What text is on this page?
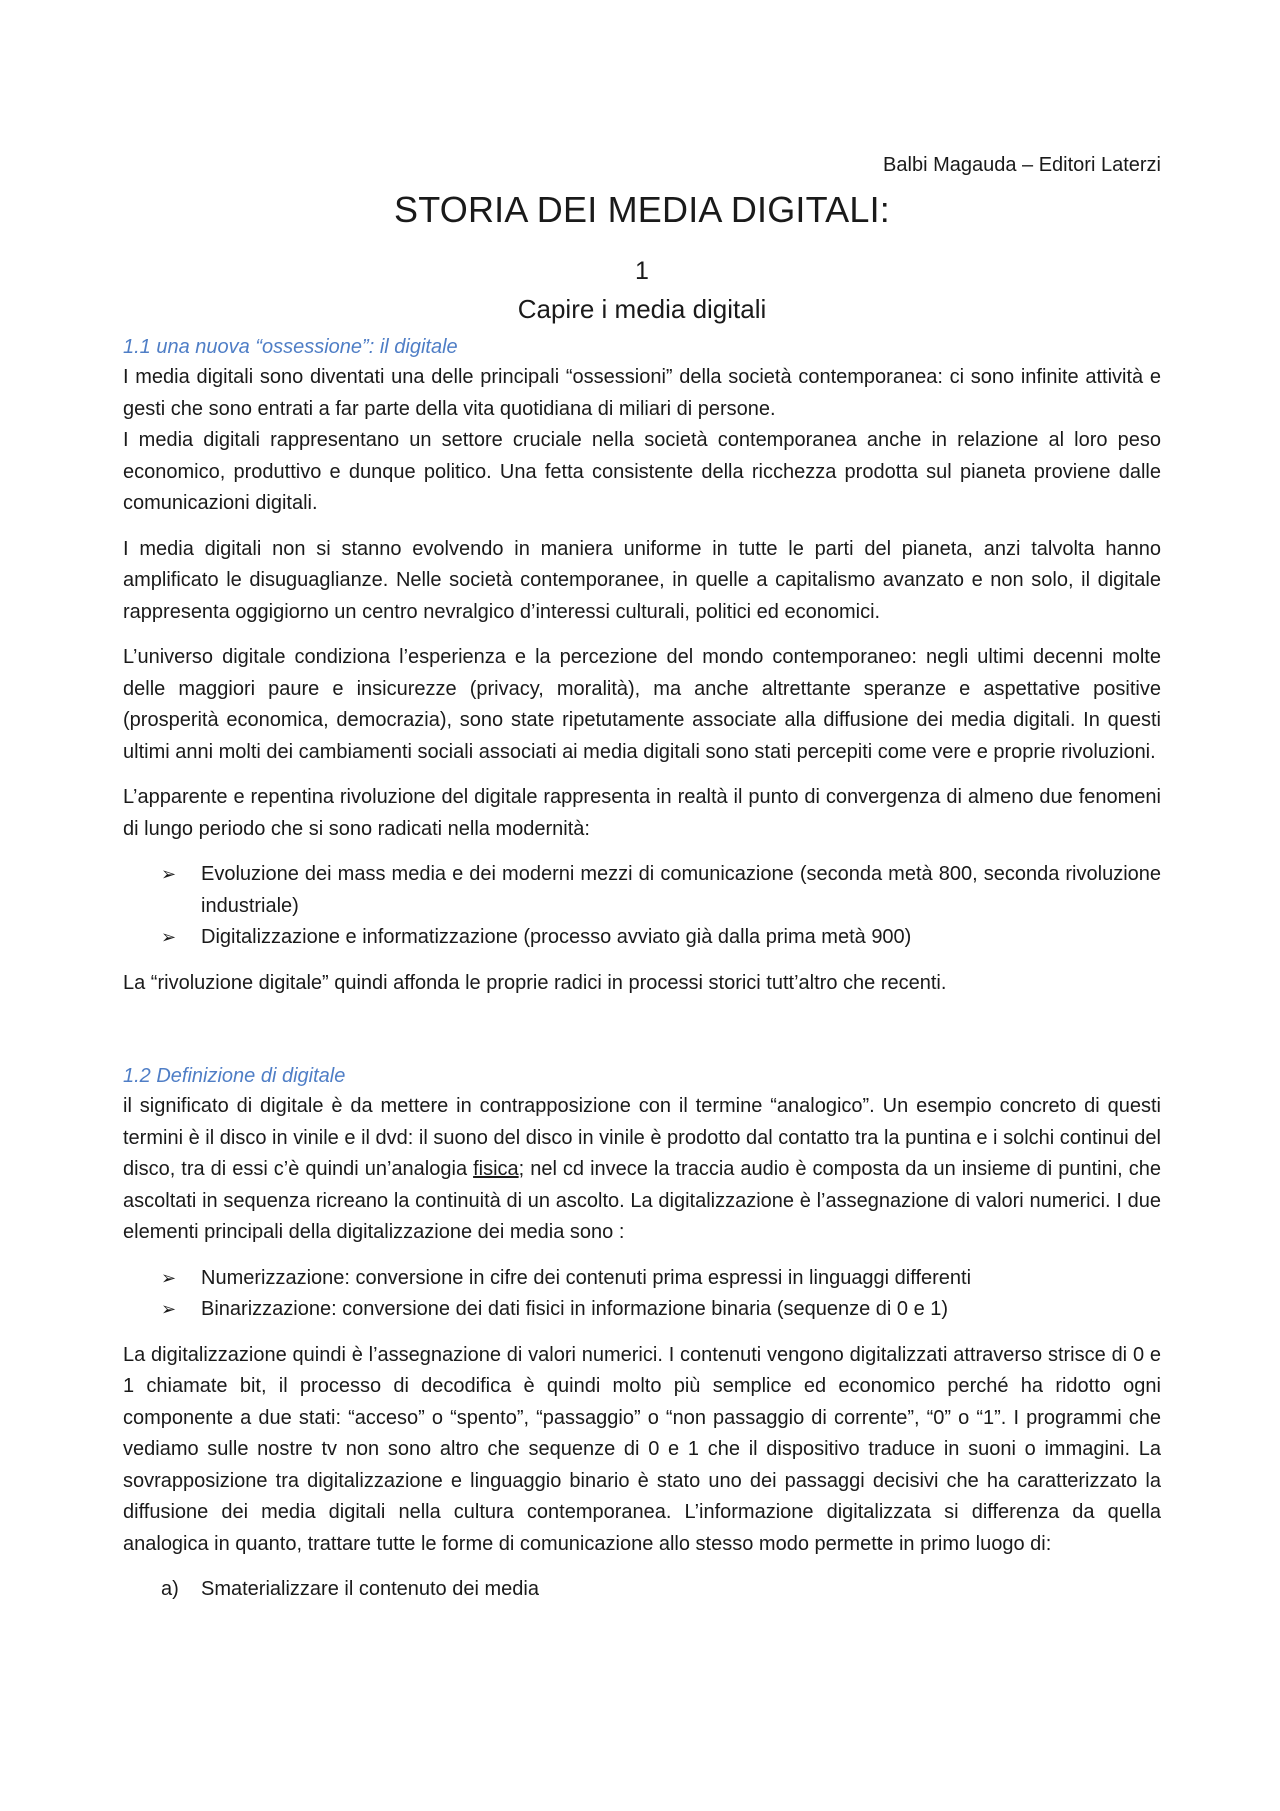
Balbi Magauda – Editori Laterzi
STORIA DEI MEDIA DIGITALI:
1
Capire i media digitali
1.1 una nuova “ossessione”: il digitale

I media digitali sono diventati una delle principali “ossessioni” della società contemporanea: ci sono infinite attività e gesti che sono entrati a far parte della vita quotidiana di miliari di persone.

I media digitali rappresentano un settore cruciale nella società contemporanea anche in relazione al loro peso economico, produttivo e dunque politico. Una fetta consistente della ricchezza prodotta sul pianeta proviene dalle comunicazioni digitali.

I media digitali non si stanno evolvendo in maniera uniforme in tutte le parti del pianeta, anzi talvolta hanno amplificato le disuguaglianze. Nelle società contemporanee, in quelle a capitalismo avanzato e non solo, il digitale rappresenta oggigiorno un centro nevralgico d’interessi culturali, politici ed economici.

L’universo digitale condiziona l’esperienza e la percezione del mondo contemporaneo: negli ultimi decenni molte delle maggiori paure e insicurezze (privacy, moralità), ma anche altrettante speranze e aspettative positive (prosperità economica, democrazia), sono state ripetutamente associate alla diffusione dei media digitali. In questi ultimi anni molti dei cambiamenti sociali associati ai media digitali sono stati percepiti come vere e proprie rivoluzioni.

L’apparente e repentina rivoluzione del digitale rappresenta in realtà il punto di convergenza di almeno due fenomeni di lungo periodo che si sono radicati nella modernità:

➢ Evoluzione dei mass media e dei moderni mezzi di comunicazione (seconda metà 800, seconda rivoluzione industriale)
➢ Digitalizzazione e informatizzazione (processo avviato già dalla prima metà 900)

La “rivoluzione digitale” quindi affonda le proprie radici in processi storici tutt’altro che recenti.

1.2 Definizione di digitale

il significato di digitale è da mettere in contrapposizione con il termine “analogico”. Un esempio concreto di questi termini è il disco in vinile e il dvd: il suono del disco in vinile è prodotto dal contatto tra la puntina e i solchi continui del disco, tra di essi c’è quindi un’analogia fisica; nel cd invece la traccia audio è composta da un insieme di puntini, che ascoltati in sequenza ricreano la continuità di un ascolto. La digitalizzazione è l’assegnazione di valori numerici. I due elementi principali della digitalizzazione dei media sono :

➢ Numerizzazione: conversione in cifre dei contenuti prima espressi in linguaggi differenti
➢ Binarizzazione: conversione dei dati fisici in informazione binaria (sequenze di 0 e 1)

La digitalizzazione quindi è l’assegnazione di valori numerici. I contenuti vengono digitalizzati attraverso strisce di 0 e 1 chiamate bit, il processo di decodifica è quindi molto più semplice ed economico perché ha ridotto ogni componente a due stati: “acceso” o “spento”, “passaggio” o “non passaggio di corrente”, “0” o “1”. I programmi che vediamo sulle nostre tv non sono altro che sequenze di 0 e 1 che il dispositivo traduce in suoni o immagini. La sovrapposizione tra digitalizzazione e linguaggio binario è stato uno dei passaggi decisivi che ha caratterizzato la diffusione dei media digitali nella cultura contemporanea. L’informazione digitalizzata si differenza da quella analogica in quanto, trattare tutte le forme di comunicazione allo stesso modo permette in primo luogo di:

a) Smaterializzare il contenuto dei media
